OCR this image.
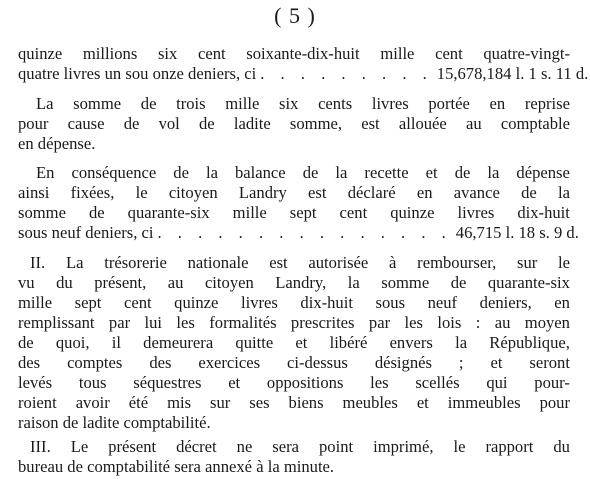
( 5 )
quinze millions six cent soixante-dix-huit mille cent quatre-vingt-
quatre livres un sou onze deniers, ci . . . . . . . . . 15,678,184 l. 1 s. 11 d.
La somme de trois mille six cents livres portée en reprise
pour cause de vol de ladite somme, est allouée au comptable
en dépense.
En conséquence de la balance de la recette et de la dépense
ainsi fixées, le citoyen Landry est déclaré en avance de la
somme de quarante-six mille sept cent quinze livres dix-huit
sous neuf deniers, ci . . . . . . . . . . . . . . . 46,715 l. 18 s. 9 d.
II. La trésorerie nationale est autorisée à rembourser, sur le
vu du présent, au citoyen Landry, la somme de quarante-six
mille sept cent quinze livres dix-huit sous neuf deniers, en
remplissant par lui les formalités prescrites par les lois : au moyen
de quoi, il demeurera quitte et libéré envers la République,
des comptes des exercices ci-dessus désignés ; et seront
levés tous séquestres et oppositions les scellés qui pour-
roient avoir été mis sur ses biens meubles et immeubles pour
raison de ladite comptabilité.
III. Le présent décret ne sera point imprimé, le rapport du
bureau de comptabilité sera annexé à la minute.
